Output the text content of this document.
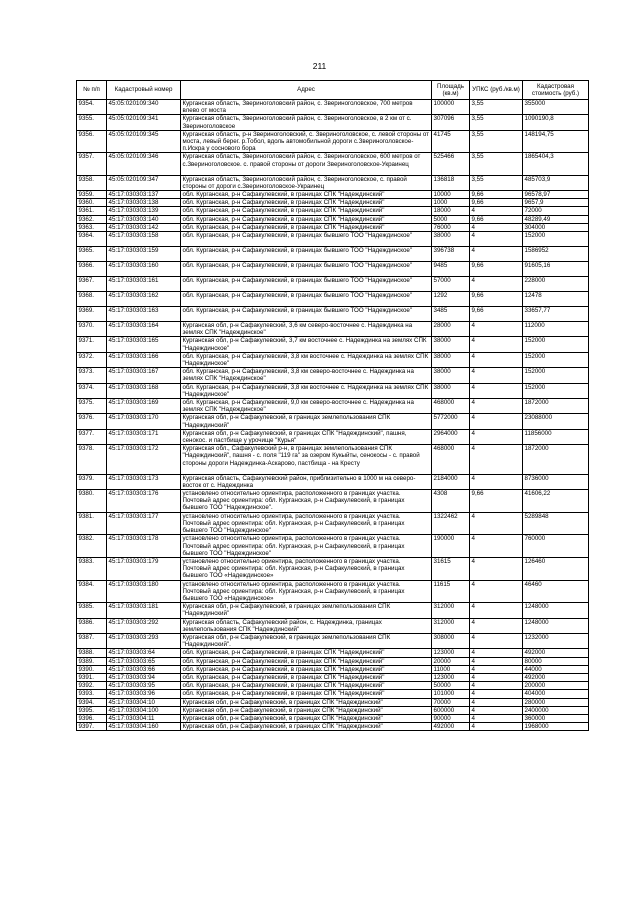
211
№ п/п	Кадастровый номер	Адрес	Площадь (кв.м)	УПКС (руб./кв.м)	Кадастровая стоимость (руб.)
9354.	45:05:020109:340	Курганская область, Звериноголовский район, с. Звериноголовское, 700 метров влево от моста	100000	3,55	355000
9355.	45:05:020109:341	Курганская область, Звериноголовский район, с. Звериноголовское, в 2 км от с. Звериноголовское	307096	3,55	1090190,8
9356.	45:05:020109:345	Курганская область, р-н Звериноголовский, с. Звериноголовское, с. левой стороны от моста, левый берег. р.Тобол, вдоль автомобильной дороги с.Звериноголовское-п.Искра у соснового бора	41745	3,55	148194,75
9357.	45:05:020109:346	Курганская область, Звериноголовский район, с. Звериноголовское, 600 метров от с.Звериноголовское. с. правой стороны от дороги Звериноголовское-Украинец	525466	3,55	1865404,3
9358.	45:05:020109:347	Курганская область, Звериноголовский район, с. Звериноголовское, с. правой стороны от дороги с.Звериноголовское-Украинец	136818	3,55	485703,9
9359.	45:17:030303:137	обл. Курганская, р-н Сафакулевский, в границах СПК "Надеждинский"	10000	9,66	96578,97
9360.	45:17:030303:138	обл. Курганская, р-н Сафакулевский, в границах СПК "Надеждинский"	1000	9,66	9657,9
9361.	45:17:030303:139	обл. Курганская, р-н Сафакулевский, в границах СПК "Надеждинский"	18000	4	72000
9362.	45:17:030303:140	обл. Курганская, р-н Сафакулевский, в границах СПК "Надеждинский"	5000	9,66	48289,49
9363.	45:17:030303:142	обл. Курганская, р-н Сафакулевский, в границах СПК "Надеждинский"	76000	4	304000
9364.	45:17:030303:158	обл. Курганская, р-н Сафакулевский, в границах бывшего ТОО "Надеждинское"	38000	4	152000
9365.	45:17:030303:159	обл. Курганская, р-н Сафакулевский, в границах бывшего ТОО "Надеждинское"	396738	4	1586952
9366.	45:17:030303:160	обл. Курганская, р-н Сафакулевский, в границах бывшего ТОО "Надеждинское"	9485	9,66	91605,16
9367.	45:17:030303:161	обл. Курганская, р-н Сафакулевский, в границах бывшего ТОО "Надеждинское"	57000	4	228000
9368.	45:17:030303:162	обл. Курганская, р-н Сафакулевский, в границах бывшего ТОО "Надеждинское"	1292	9,66	12478
9369.	45:17:030303:163	обл. Курганская, р-н Сафакулевский, в границах бывшего ТОО "Надеждинское"	3485	9,66	33657,77
9370.	45:17:030303:164	Курганская обл, р-н Сафакулевский, 3,6 км северо-восточнее с. Надеждинка на землях СПК "Надеждинское"	28000	4	112000
9371.	45:17:030303:165	Курганская обл, р-н Сафакулевский, 3,7 км восточнее с. Надеждинка на землях СПК "Надеждинское"	38000	4	152000
9372.	45:17:030303:166	обл. Курганская, р-н Сафакулевский, 3,8 км восточнее с. Надеждинка на землях СПК "Надеждинское"	38000	4	152000
9373.	45:17:030303:167	обл. Курганская, р-н Сафакулевский, 3,8 км северо-восточнее с. Надеждинка на землях СПК "Надеждинское"	38000	4	152000
9374.	45:17:030303:168	обл. Курганская, р-н Сафакулевский, 3,8 км восточнее с. Надеждинка на землях СПК "Надеждинское"	38000	4	152000
9375.	45:17:030303:169	обл. Курганская, р-н Сафакулевский, 9,0 км северо-восточнее с. Надеждинка на землях СПК "Надеждинское"	468000	4	1872000
9376.	45:17:030303:170	Курганская обл, р-н Сафакулевский, в границах землепользования СПК "Надеждинский"	5772000	4	23088000
9377.	45:17:030303:171	Курганская обл, р-н Сафакулевский, в границах СПК "Надеждинский", пашня, сенокос. и пастбище у урочище "Курья"	2964000	4	11856000
9378.	45:17:030303:172	Курганская обл., Сафакулевский р-н, в границах землепользования СПК "Надеждинский", пашня - с. поля "119 га" за озером Кукыйты, сенокосы - с. правой стороны дороги Надеждинка-Аскарово, пастбища - на Кресту	468000	4	1872000
9379.	45:17:030303:173	Курганская область, Сафакулевский район, приблизительно в 1000 м на северо-восток от с. Надеждинка	2184000	4	8736000
9380.	45:17:030303:176	установлено относительно ориентира, расположенного в границах участка. Почтовый адрес ориентира: обл. Курганская, р-н Сафакулевский, в границах бывшего ТОО "Надеждинское".	4308	9,66	41606,22
9381.	45:17:030303:177	установлено относительно ориентира, расположенного в границах участка. Почтовый адрес ориентира: обл. Курганская, р-н Сафакулевский, в границах бывшего ТОО "Надеждинское"	1322462	4	5289848
9382.	45:17:030303:178	установлено относительно ориентира, расположенного в границах участка. Почтовый адрес ориентира: обл. Курганская, р-н Сафакулевский, в границах бывшего ТОО "Надеждинское"	190000	4	760000
9383.	45:17:030303:179	установлено относительно ориентира, расположенного в границах участка. Почтовый адрес ориентира: обл. Курганская, р-н Сафакулевский, в границах бывшего ТОО «Надеждинское»	31615	4	126460
9384.	45:17:030303:180	установлено относительно ориентира, расположенного в границах участка. Почтовый адрес ориентира: обл. Курганская, р-н Сафакулевский, в границах бывшего ТОО «Надеждинское»	11615	4	46460
9385.	45:17:030303:181	Курганская обл, р-н Сафакулевский, в границах землепользования СПК "Надеждинский"	312000	4	1248000
9386.	45:17:030303:292	Курганская область, Сафакулевский район, с. Надеждинка, границах землепользования СПК "Надеждинский"	312000	4	1248000
9387.	45:17:030303:293	Курганская обл, р-н Сафакулевский, в границах землепользования СПК "Надеждинский".	308000	4	1232000
9388.	45:17:030303:64	обл. Курганская, р-н Сафакулевский, в границах СПК "Надеждинский"	123000	4	492000
9389.	45:17:030303:65	обл. Курганская, р-н Сафакулевский, в границах СПК "Надеждинский"	20000	4	80000
9390.	45:17:030303:66	обл. Курганская, р-н Сафакулевский, в границах СПК "Надеждинский"	11000	4	44000
9391.	45:17:030303:94	обл. Курганская, р-н Сафакулевский, в границах СПК "Надеждинский"	123000	4	492000
9392.	45:17:030303:95	обл. Курганская, р-н Сафакулевский, в границах СПК "Надеждинский"	50000	4	200000
9393.	45:17:030303:96	обл. Курганская, р-н Сафакулевский, в границах СПК "Надеждинский"	101000	4	404000
9394.	45:17:030304:10	Курганская обл, р-н Сафакулевский, в границах СПК "Надеждинский"	70000	4	280000
9395.	45:17:030304:100	Курганская обл, р-н Сафакулевский, в границах СПК "Надеждинский"	600000	4	2400000
9396.	45:17:030304:11	Курганская обл, р-н Сафакулевский, в границах СПК "Надеждинский"	90000	4	360000
9397.	45:17:030304:160	Курганская обл, р-н Сафакулевский, в границах СПК "Надеждинский"	492000	4	1968000
